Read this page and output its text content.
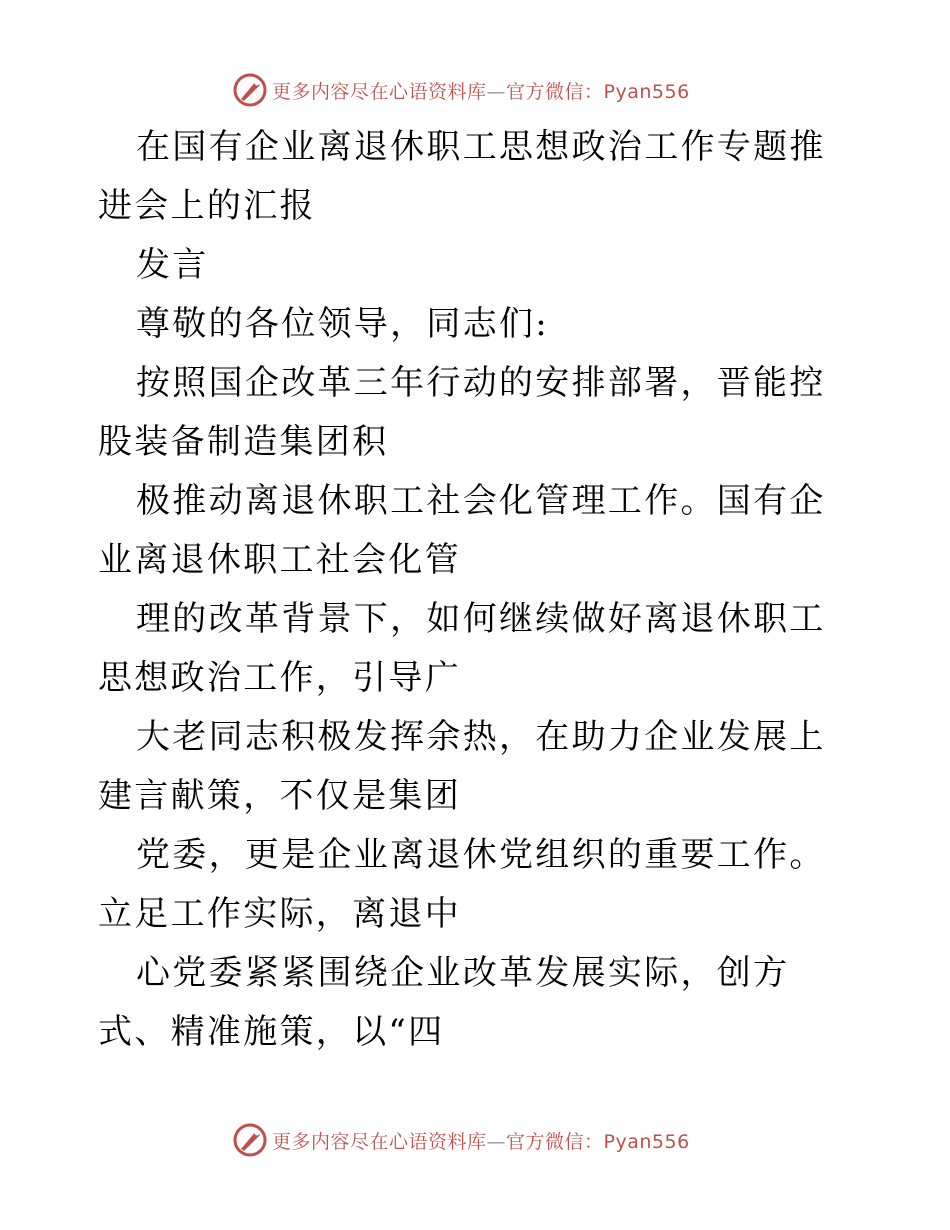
更多内容尽在心语资料库—官方微信：Pyan556

在国有企业离退休职工思想政治工作专题推进会上的汇报

发言

尊敬的各位领导，同志们:

按照国企改革三年行动的安排部署，晋能控股装备制造集团积

极推动离退休职工社会化管理工作。国有企业离退休职工社会化管

理的改革背景下，如何继续做好离退休职工思想政治工作，引导广

大老同志积极发挥余热，在助力企业发展上建言献策，不仅是集团

党委，更是企业离退休党组织的重要工作。立足工作实际，离退中

心党委紧紧围绕企业改革发展实际，创方式、精准施策，以“四

更多内容尽在心语资料库—官方微信：Pyan556
